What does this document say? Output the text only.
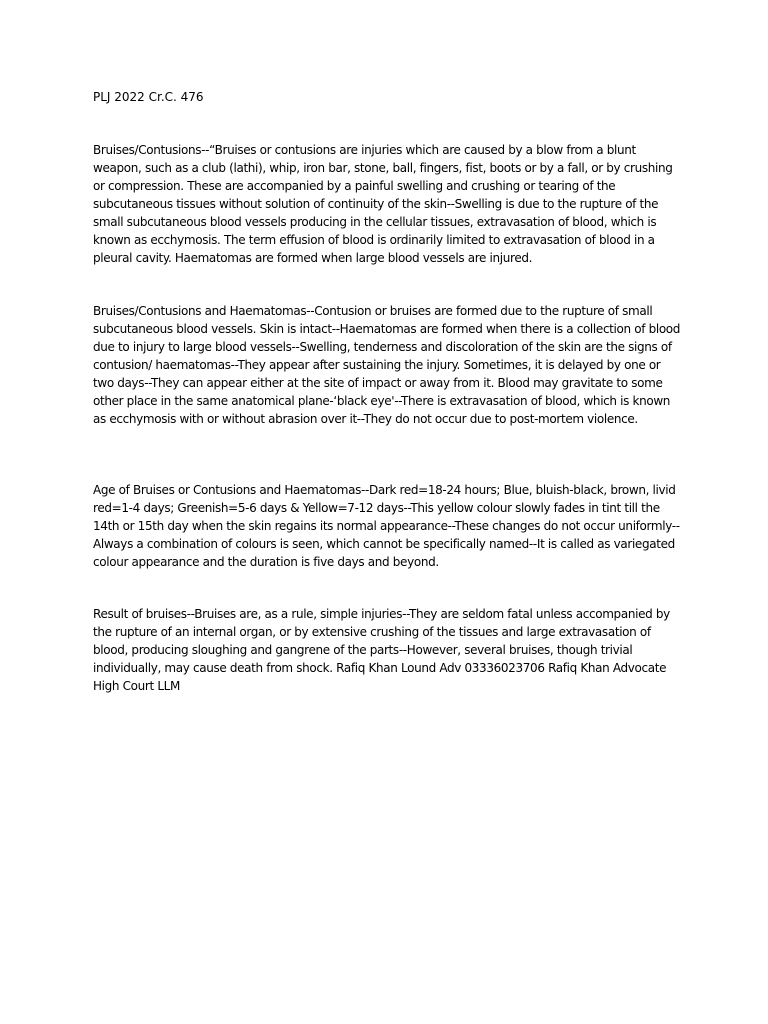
PLJ 2022 Cr.C. 476

Bruises/Contusions--“Bruises or contusions are injuries which are caused by a blow from a blunt weapon, such as a club (lathi), whip, iron bar, stone, ball, fingers, fist, boots or by a fall, or by crushing or compression. These are accompanied by a painful swelling and crushing or tearing of the subcutaneous tissues without solution of continuity of the skin--Swelling is due to the rupture of the small subcutaneous blood vessels producing in the cellular tissues, extravasation of blood, which is known as ecchymosis. The term effusion of blood is ordinarily limited to extravasation of blood in a pleural cavity. Haematomas are formed when large blood vessels are injured.

Bruises/Contusions and Haematomas--Contusion or bruises are formed due to the rupture of small subcutaneous blood vessels. Skin is intact--Haematomas are formed when there is a collection of blood due to injury to large blood vessels--Swelling, tenderness and discoloration of the skin are the signs of contusion/ haematomas--They appear after sustaining the injury. Sometimes, it is delayed by one or two days--They can appear either at the site of impact or away from it. Blood may gravitate to some other place in the same anatomical plane-‘black eye'--There is extravasation of blood, which is known as ecchymosis with or without abrasion over it--They do not occur due to post-mortem violence.

Age of Bruises or Contusions and Haematomas--Dark red=18-24 hours; Blue, bluish-black, brown, livid red=1-4 days; Greenish=5-6 days & Yellow=7-12 days--This yellow colour slowly fades in tint till the 14th or 15th day when the skin regains its normal appearance--These changes do not occur uniformly--Always a combination of colours is seen, which cannot be specifically named--It is called as variegated colour appearance and the duration is five days and beyond.

Result of bruises--Bruises are, as a rule, simple injuries--They are seldom fatal unless accompanied by the rupture of an internal organ, or by extensive crushing of the tissues and large extravasation of blood, producing sloughing and gangrene of the parts--However, several bruises, though trivial individually, may cause death from shock. Rafiq Khan Lound Adv 03336023706 Rafiq Khan Advocate High Court LLM
